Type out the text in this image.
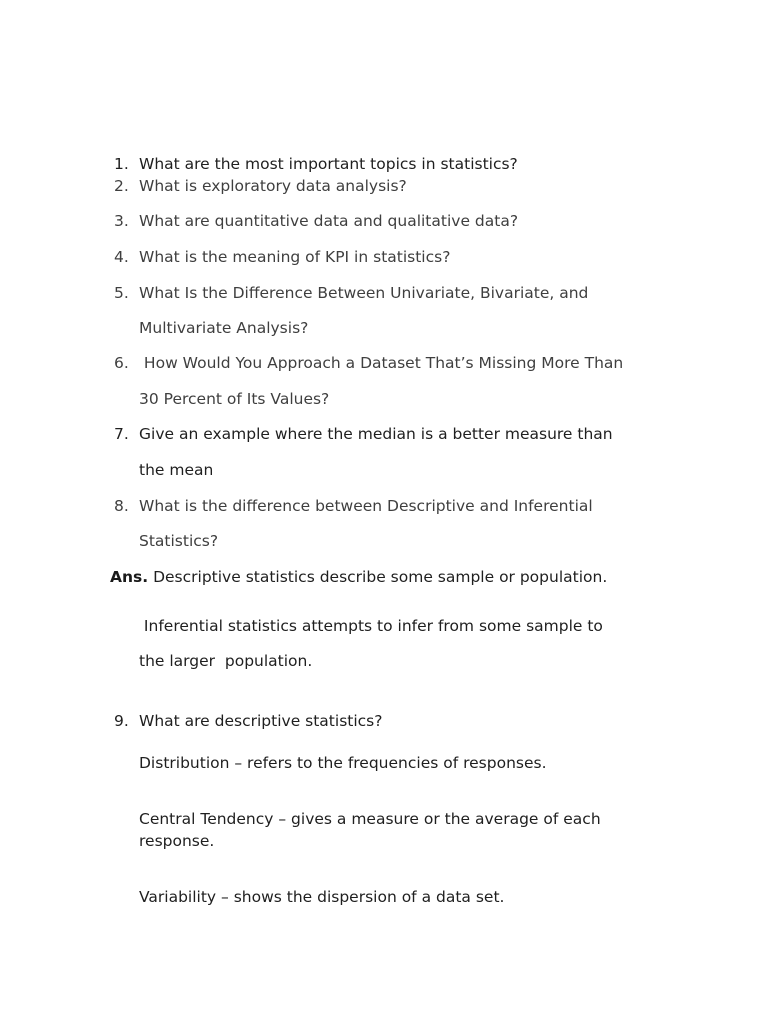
1. What are the most important topics in statistics?
2. What is exploratory data analysis?
3. What are quantitative data and qualitative data?
4. What is the meaning of KPI in statistics?
5. What Is the Difference Between Univariate, Bivariate, and
Multivariate Analysis?
6. How Would You Approach a Dataset That’s Missing More Than
30 Percent of Its Values?
7. Give an example where the median is a better measure than
the mean
8. What is the difference between Descriptive and Inferential
Statistics?
Ans. Descriptive statistics describe some sample or population.
Inferential statistics attempts to infer from some sample to
the larger  population.
9. What are descriptive statistics?
Distribution – refers to the frequencies of responses.
Central Tendency – gives a measure or the average of each
response.
Variability – shows the dispersion of a data set.
